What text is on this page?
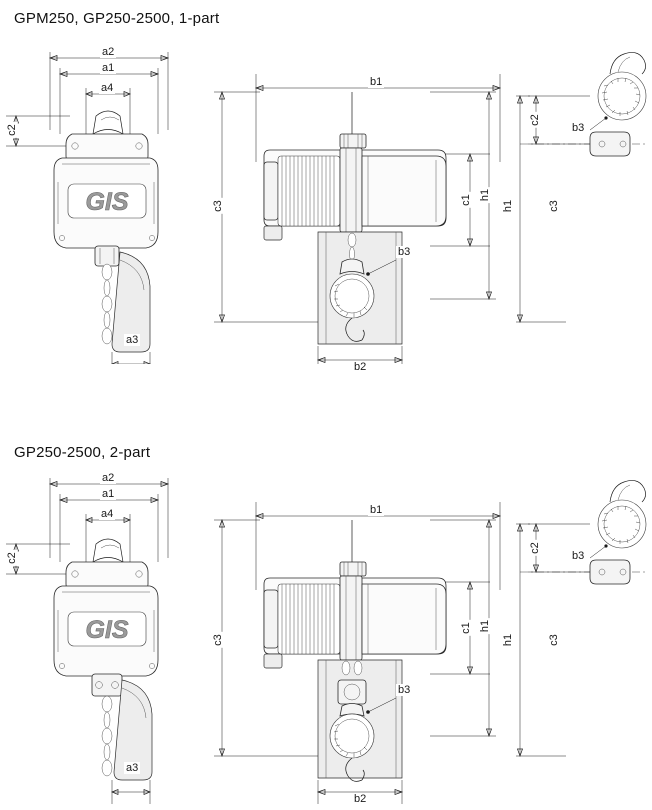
GPM250, GP250-2500, 1-part
GIS
a2
a1
a4
c2
a3
b1
c3
c1 h1
b2
b3
c2
c3
b3
h1
GP250-2500, 2-part
GIS
a2
a1
a4
c2
a3
b1
c3
c1 h1
b2
b3
c2
c3
b3
h1
